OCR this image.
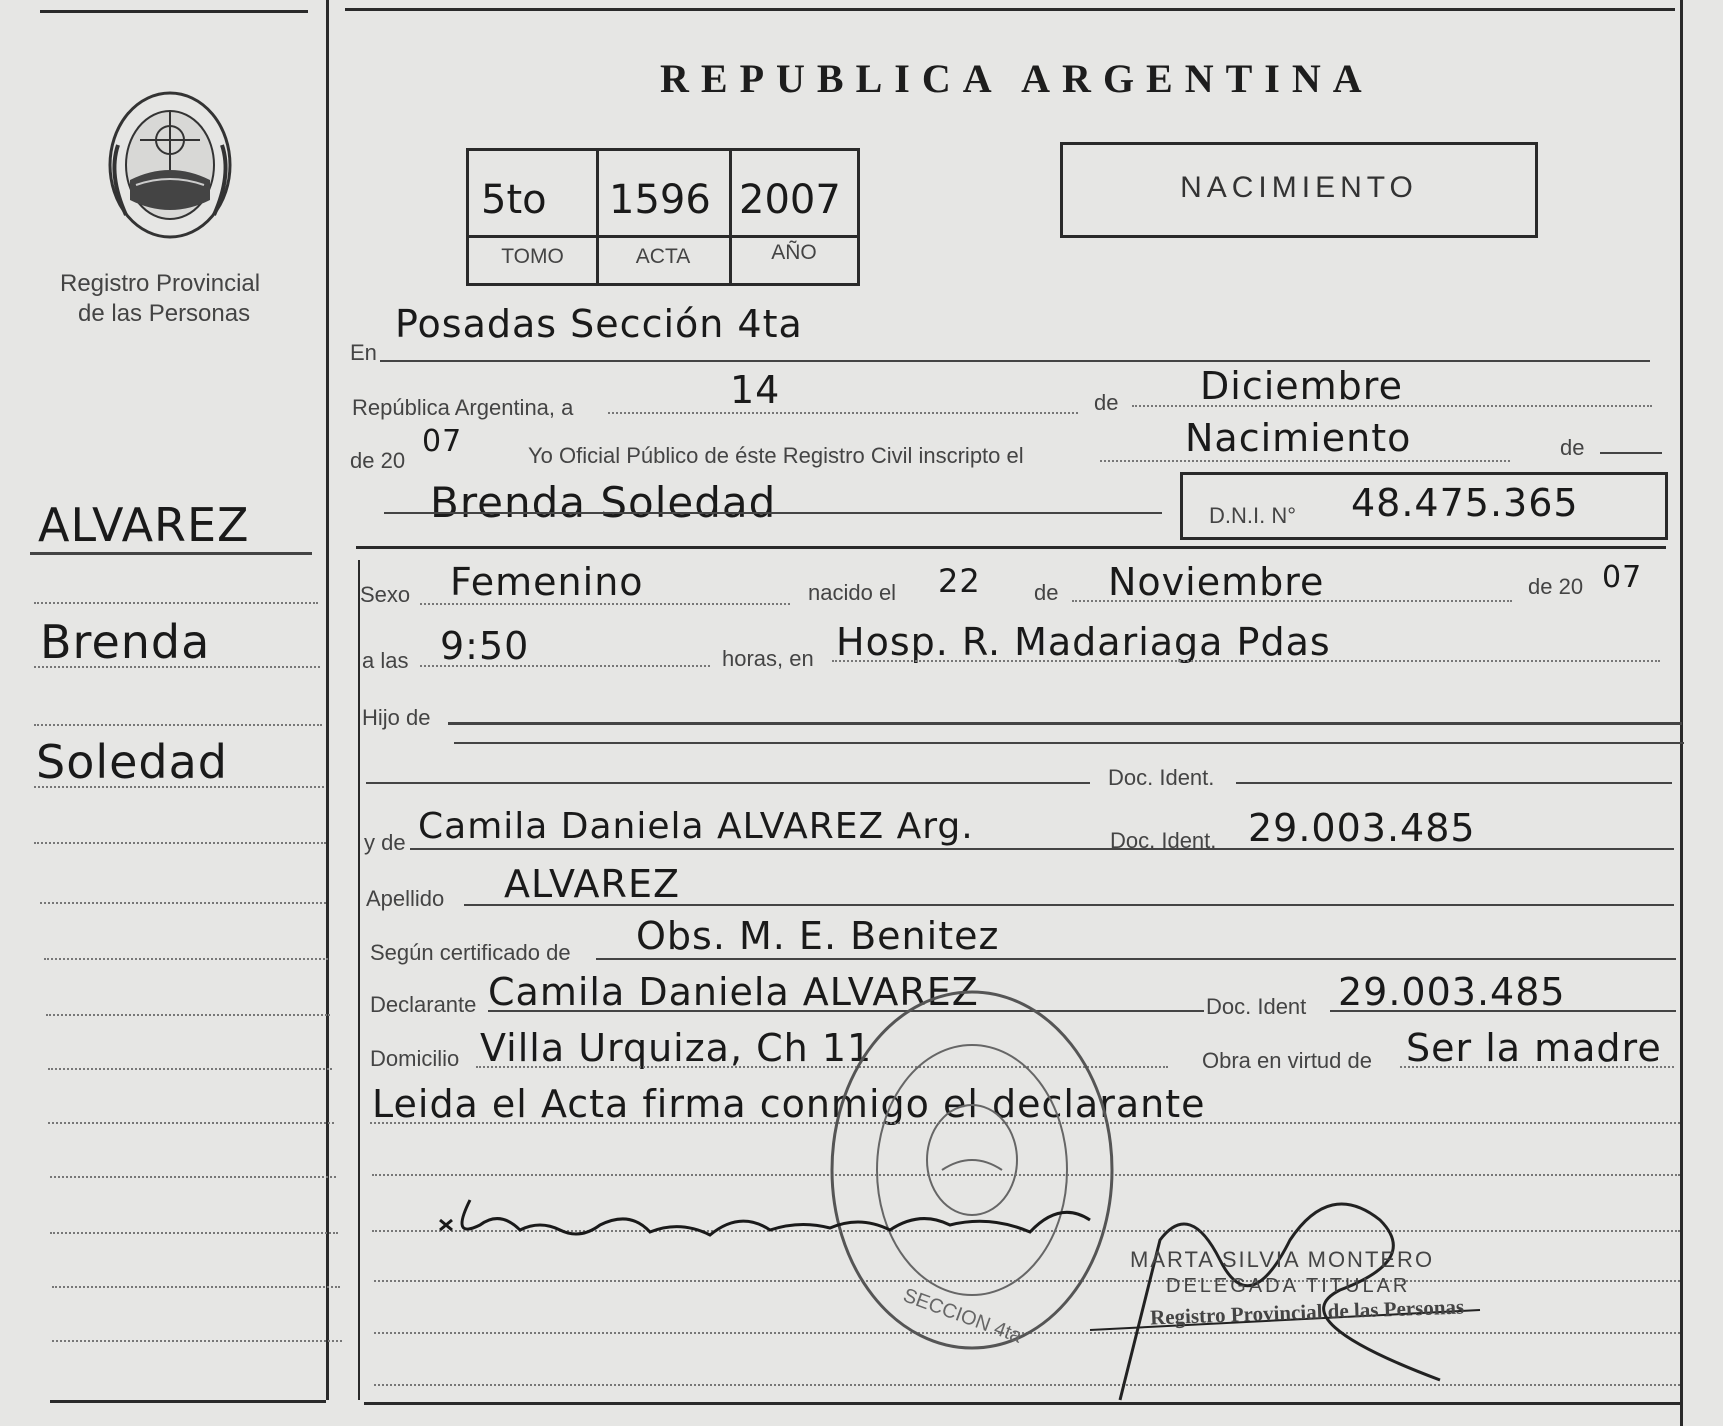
Registro Provincial
de las Personas
ALVAREZ
Brenda
Soledad
REPUBLICA ARGENTINA
5to 1596 2007
TOMO	ACTA	AÑO
NACIMIENTO
En
Posadas Sección 4ta
República Argentina, a	14	de Diciembre
de 20
07	Yo Oficial Público de éste Registro Civil inscripto el	Nacimiento	de
Brenda Soledad	D.N.I. N° 48.475.365
Sexo Femenino	nacido el 22 de Noviembre	de 20 07
a las 9:50	horas, en Hosp. R. Madariaga Pdas
Hijo de
Doc. Ident.
y de Camila Daniela ALVAREZ Arg.	Doc. Ident. 29.003.485
Apellido ALVAREZ
Según certificado de Obs. M. E. Benitez
Declarante Camila Daniela ALVAREZ	Doc. Ident 29.003.485
Domicilio Villa Urquiza, Ch 11	Obra en virtud de Ser la madre
Leida el Acta firma conmigo el declarante
SECCION 4ta
MARTA SILVIA MONTERO
DELEGADA TITULAR
Registro Provincial de las Personas
